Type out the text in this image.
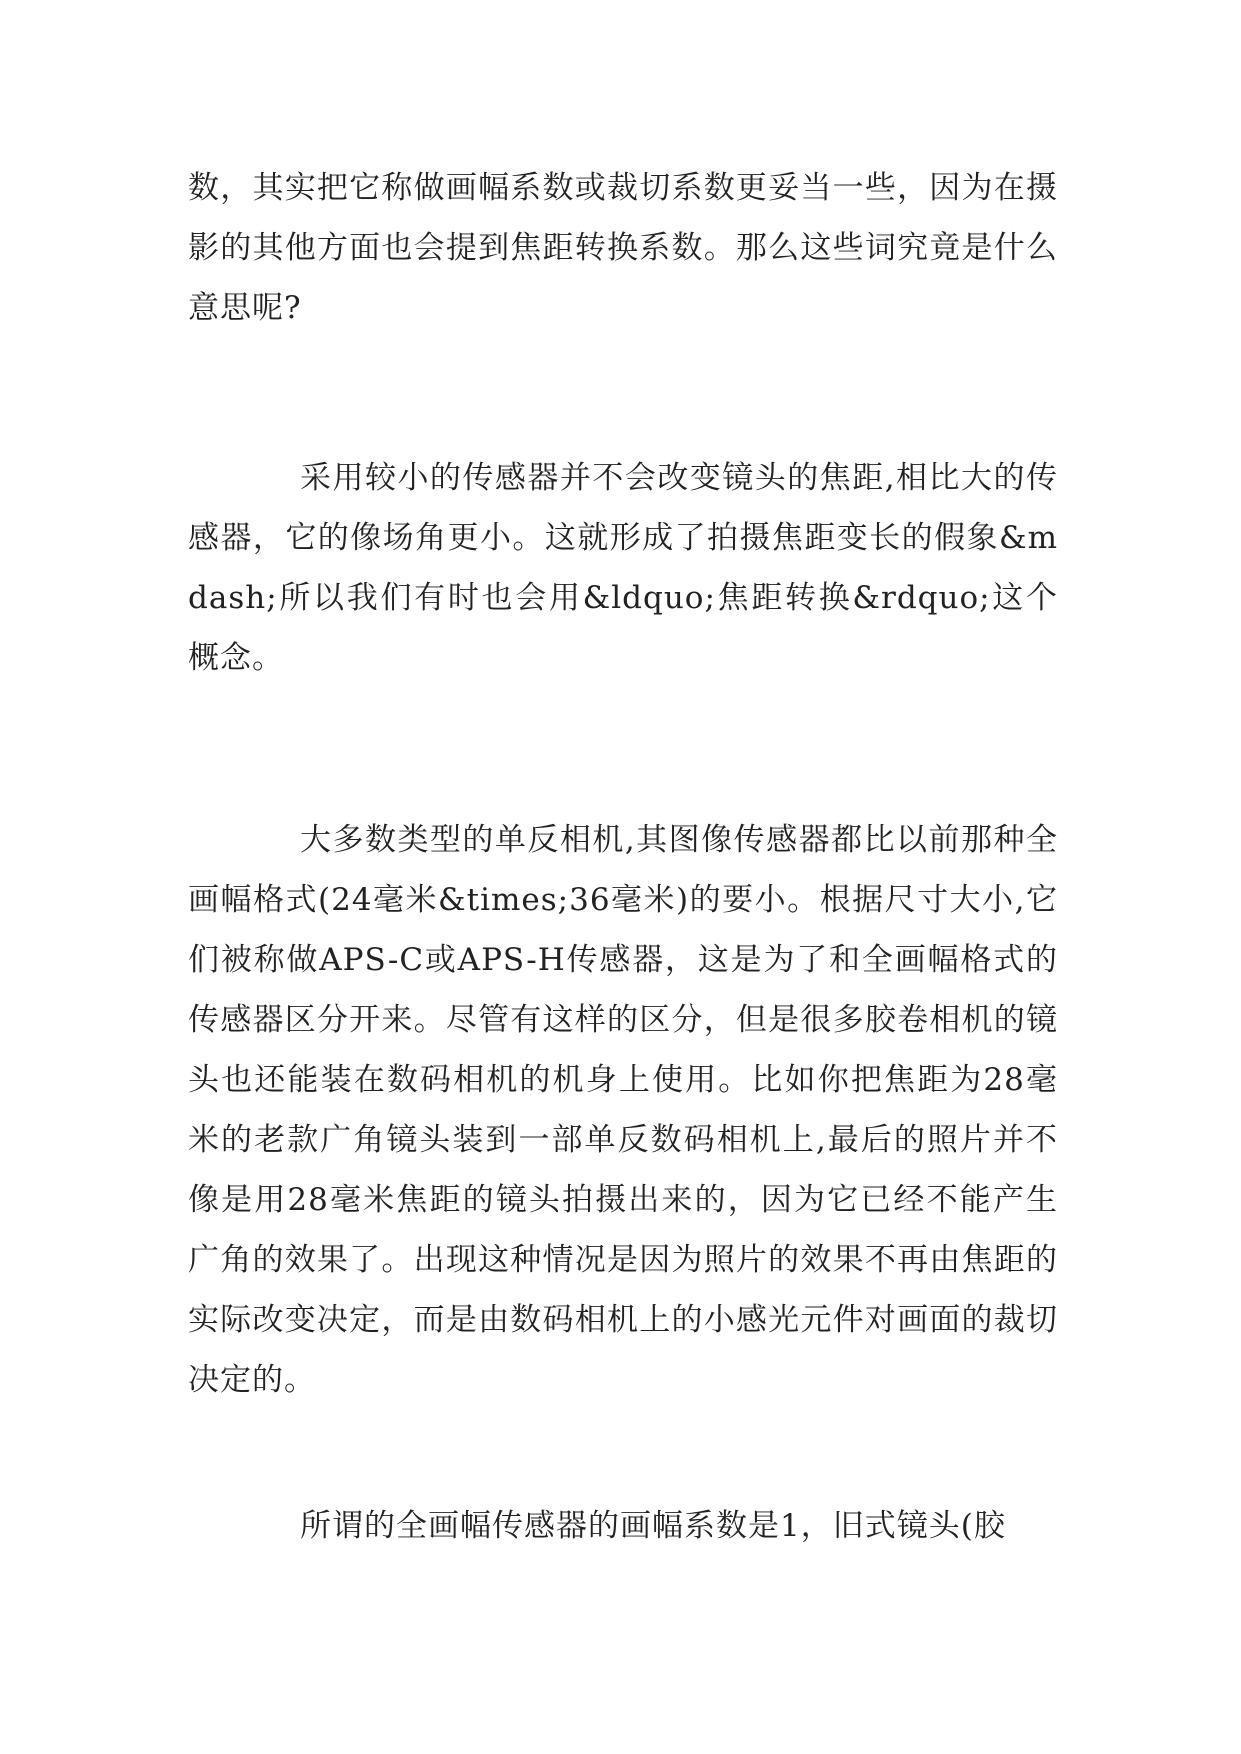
数，其实把它称做画幅系数或裁切系数更妥当一些，因为在摄影的其他方面也会提到焦距转换系数。那么这些词究竟是什么意思呢?

采用较小的传感器并不会改变镜头的焦距,相比大的传感器，它的像场角更小。这就形成了拍摄焦距变长的假象&mdash;所以我们有时也会用&ldquo;焦距转换&rdquo;这个概念。

大多数类型的单反相机,其图像传感器都比以前那种全画幅格式(24毫米&times;36毫米)的要小。根据尺寸大小,它们被称做APS-C或APS-H传感器，这是为了和全画幅格式的传感器区分开来。尽管有这样的区分，但是很多胶卷相机的镜头也还能装在数码相机的机身上使用。比如你把焦距为28毫米的老款广角镜头装到一部单反数码相机上,最后的照片并不像是用28毫米焦距的镜头拍摄出来的，因为它已经不能产生广角的效果了。出现这种情况是因为照片的效果不再由焦距的实际改变决定，而是由数码相机上的小感光元件对画面的裁切决定的。

所谓的全画幅传感器的画幅系数是1，旧式镜头(胶
